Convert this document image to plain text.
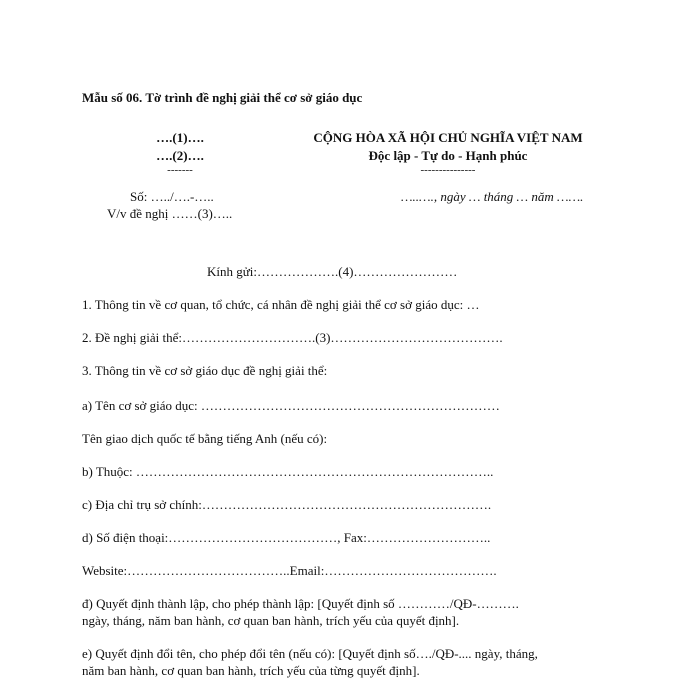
Mẫu số 06. Tờ trình đề nghị giải thể cơ sở giáo dục
….(1)….
….(2)….
-------
CỘNG HÒA XÃ HỘI CHỦ NGHĨA VIỆT NAM
Độc lập - Tự do - Hạnh phúc
---------------
Số: …../….-…..	…..…., ngày … tháng … năm …….
V/v đề nghị ……(3)…..
Kính gửi:……………….(4)……………………
1. Thông tin về cơ quan, tổ chức, cá nhân đề nghị giải thể cơ sở giáo dục: …
2. Đề nghị giải thể:………………………….(3)………………………………….
3. Thông tin về cơ sở giáo dục đề nghị giải thể:
a) Tên cơ sở giáo dục: ……………………………………………………………
Tên giao dịch quốc tế bằng tiếng Anh (nếu có):
b) Thuộc: ………………………………………………………………………..
c) Địa chỉ trụ sở chính:………………………………………………………….
d) Số điện thoại:…………………………………, Fax:………………………..
Website:………………………………..Email:………………………………….
đ) Quyết định thành lập, cho phép thành lập: [Quyết định số …………/QĐ-……….
ngày, tháng, năm ban hành, cơ quan ban hành, trích yếu của quyết định].
e) Quyết định đổi tên, cho phép đổi tên (nếu có): [Quyết định số…./QĐ-.... ngày, tháng,
năm ban hành, cơ quan ban hành, trích yếu của từng quyết định].
